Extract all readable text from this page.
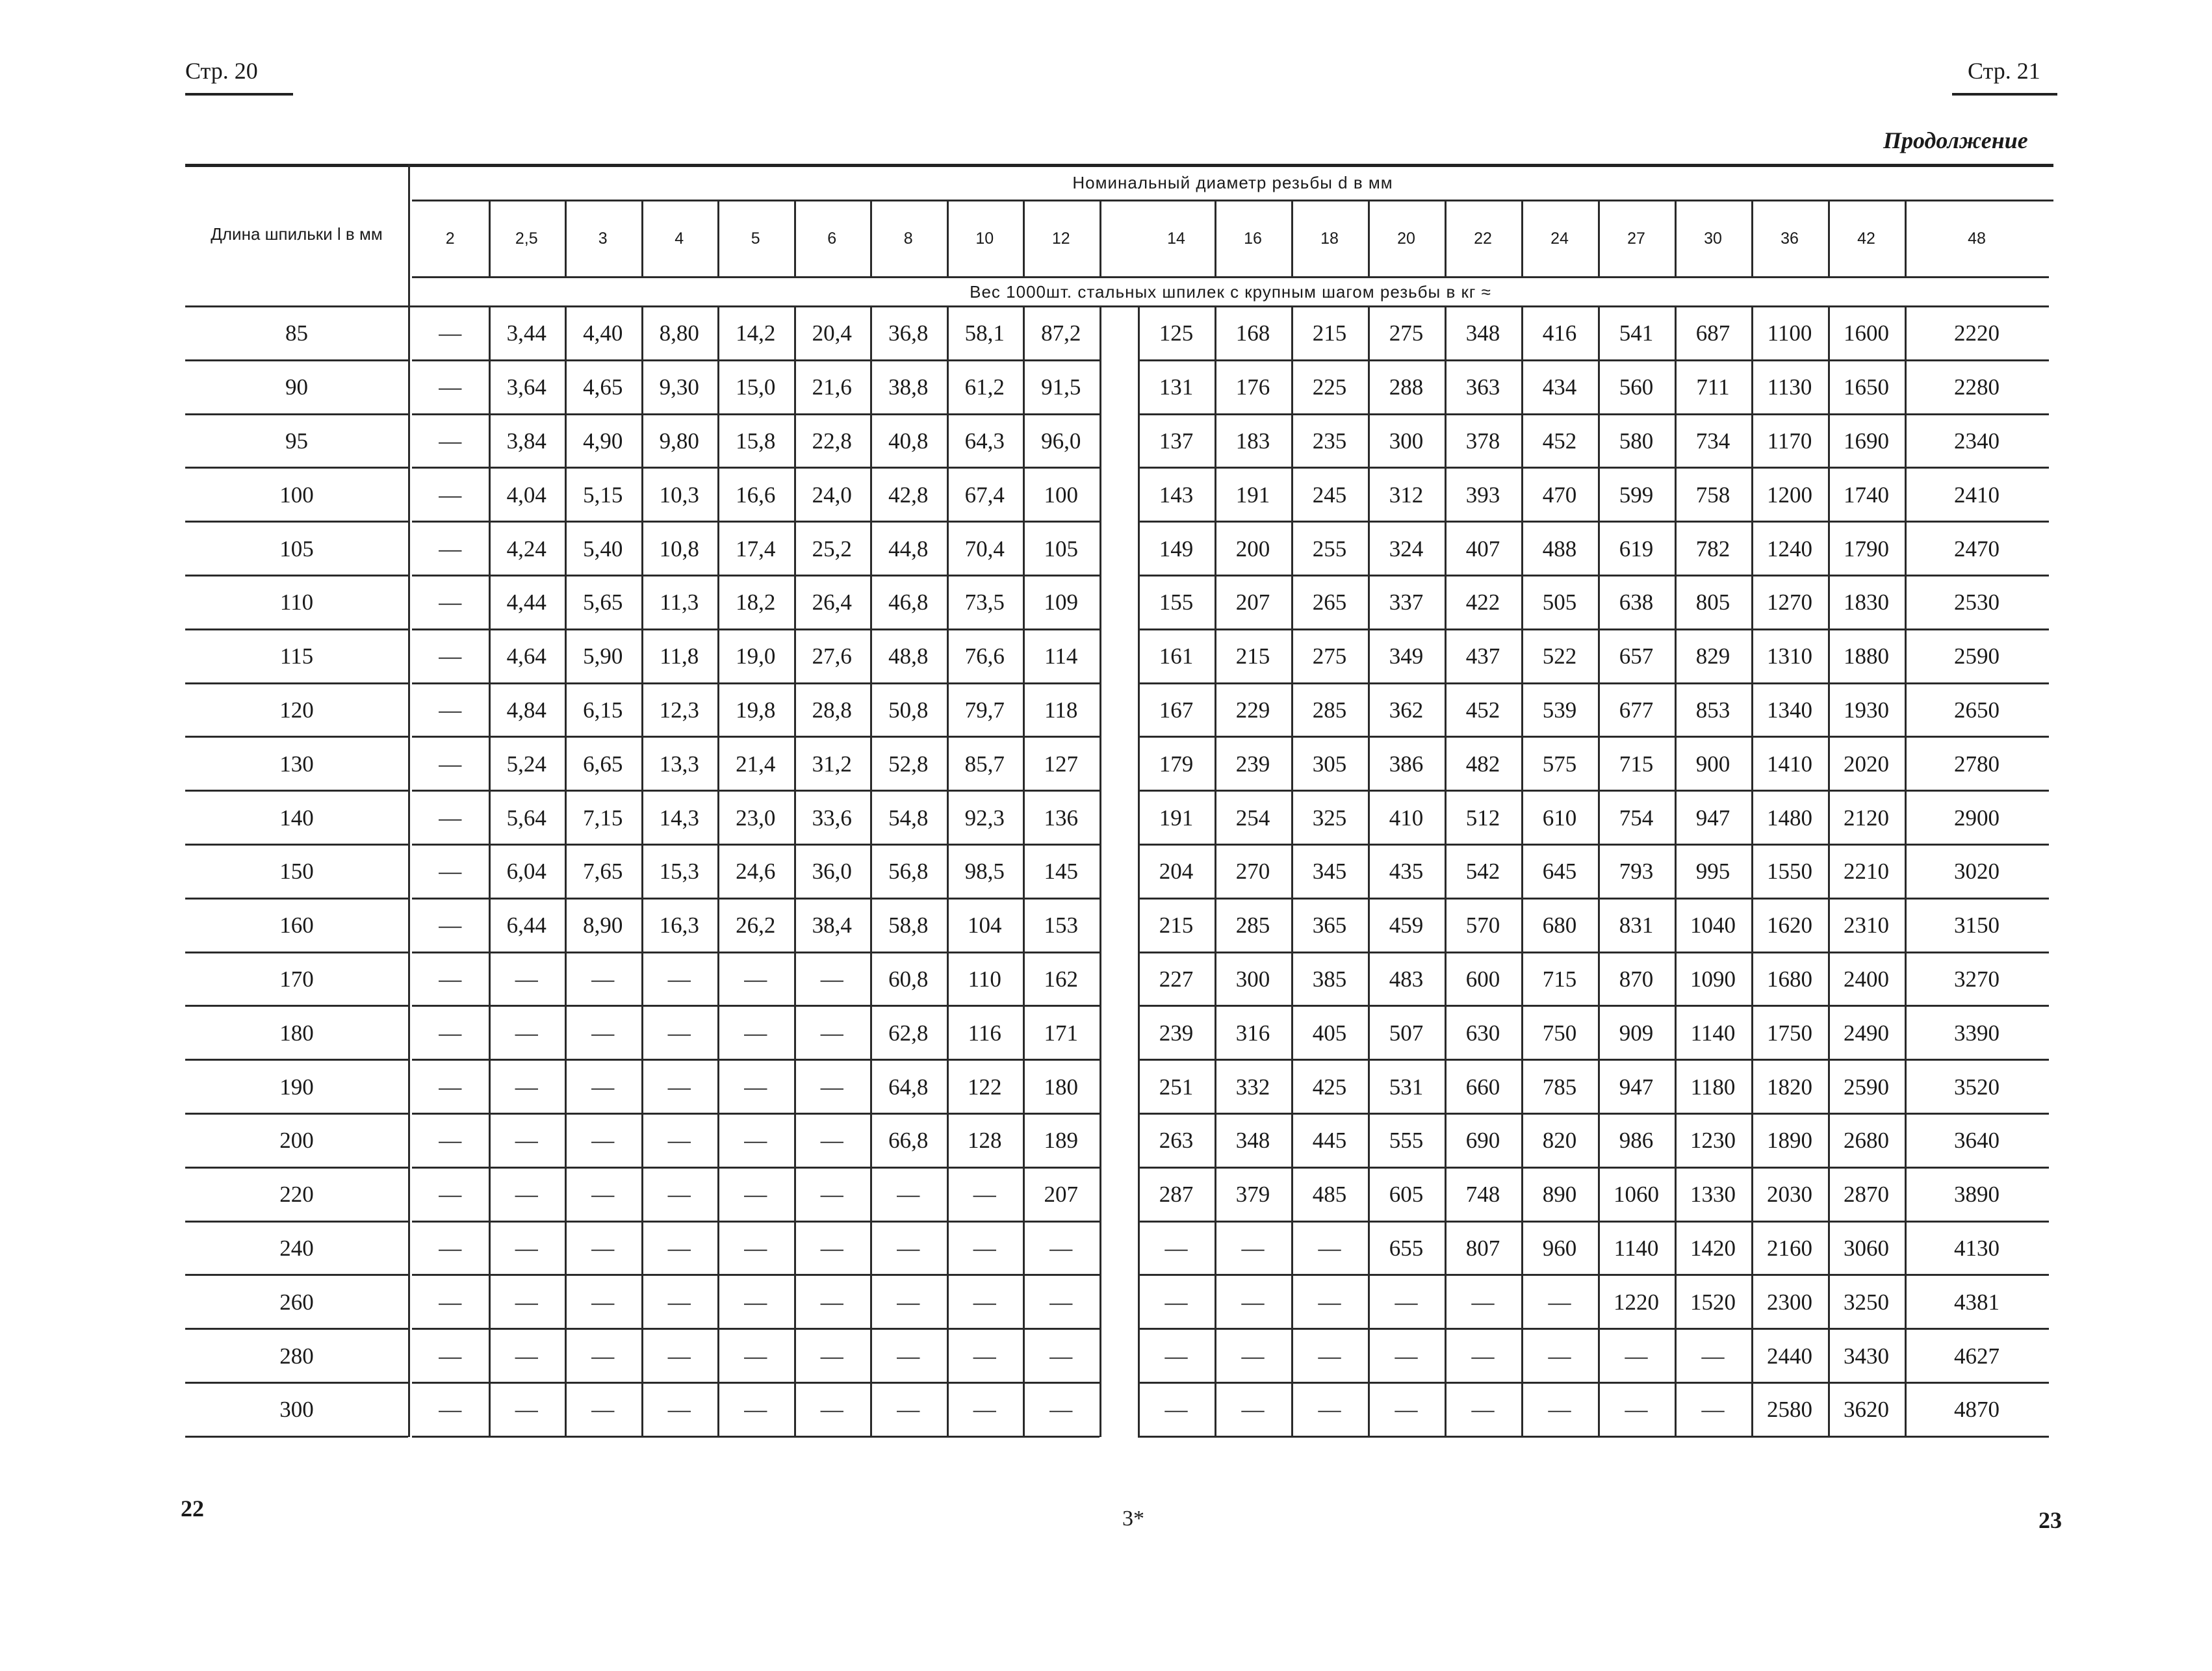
Стр. 20	Стр. 21
Продолжение
Длина шпильки l в мм
Номинальный диаметр резьбы d в мм
2	2,5	3	4	5	6	8	10	12	14	16	18	20	22	24	27	30	36	42	48
Вес 1000шт. стальных шпилек с крупным шагом резьбы в кг ≈
85	—	3,44	4,40	8,80	14,2	20,4	36,8	58,1	87,2	125	168	215	275	348	416	541	687	1100	1600	2220
90	—	3,64	4,65	9,30	15,0	21,6	38,8	61,2	91,5	131	176	225	288	363	434	560	711	1130	1650	2280
95	—	3,84	4,90	9,80	15,8	22,8	40,8	64,3	96,0	137	183	235	300	378	452	580	734	1170	1690	2340
100	—	4,04	5,15	10,3	16,6	24,0	42,8	67,4	100	143	191	245	312	393	470	599	758	1200	1740	2410
105	—	4,24	5,40	10,8	17,4	25,2	44,8	70,4	105	149	200	255	324	407	488	619	782	1240	1790	2470
110	—	4,44	5,65	11,3	18,2	26,4	46,8	73,5	109	155	207	265	337	422	505	638	805	1270	1830	2530
115	—	4,64	5,90	11,8	19,0	27,6	48,8	76,6	114	161	215	275	349	437	522	657	829	1310	1880	2590
120	—	4,84	6,15	12,3	19,8	28,8	50,8	79,7	118	167	229	285	362	452	539	677	853	1340	1930	2650
130	—	5,24	6,65	13,3	21,4	31,2	52,8	85,7	127	179	239	305	386	482	575	715	900	1410	2020	2780
140	—	5,64	7,15	14,3	23,0	33,6	54,8	92,3	136	191	254	325	410	512	610	754	947	1480	2120	2900
150	—	6,04	7,65	15,3	24,6	36,0	56,8	98,5	145	204	270	345	435	542	645	793	995	1550	2210	3020
160	—	6,44	8,90	16,3	26,2	38,4	58,8	104	153	215	285	365	459	570	680	831	1040	1620	2310	3150
170	—	—	—	—	—	—	60,8	110	162	227	300	385	483	600	715	870	1090	1680	2400	3270
180	—	—	—	—	—	—	62,8	116	171	239	316	405	507	630	750	909	1140	1750	2490	3390
190	—	—	—	—	—	—	64,8	122	180	251	332	425	531	660	785	947	1180	1820	2590	3520
200	—	—	—	—	—	—	66,8	128	189	263	348	445	555	690	820	986	1230	1890	2680	3640
220	—	—	—	—	—	—	—	—	207	287	379	485	605	748	890	1060	1330	2030	2870	3890
240	—	—	—	—	—	—	—	—	—	—	—	—	655	807	960	1140	1420	2160	3060	4130
260	—	—	—	—	—	—	—	—	—	—	—	—	—	—	—	1220	1520	2300	3250	4381
280	—	—	—	—	—	—	—	—	—	—	—	—	—	—	—	—	—	2440	3430	4627
300	—	—	—	—	—	—	—	—	—	—	—	—	—	—	—	—	—	2580	3620	4870
22	3*	23
